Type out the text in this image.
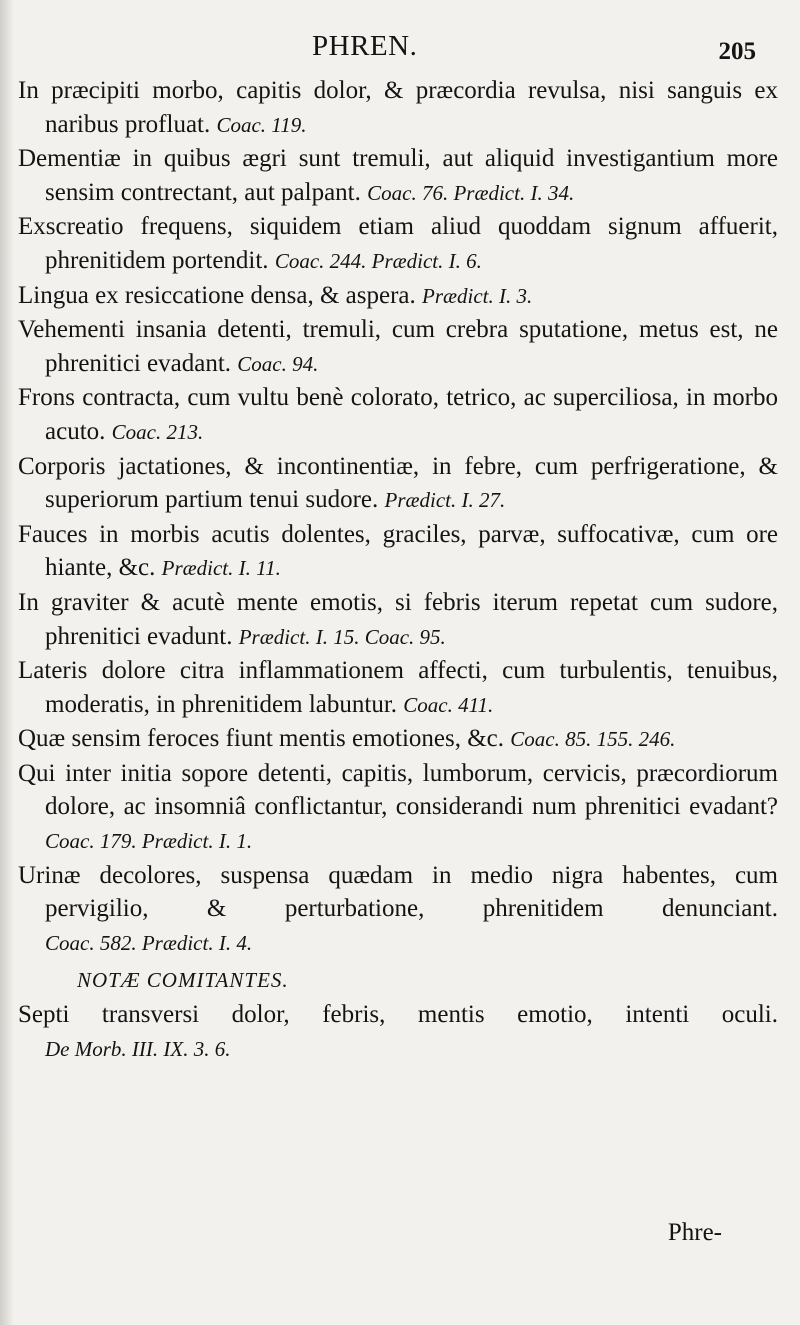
PHREN.	205

In præcipiti morbo, capitis dolor, & præcordia revulsa, nisi sanguis ex naribus profluat. Coac. 119.

Dementiæ in quibus ægri sunt tremuli, aut aliquid investigantium more sensim contrectant, aut palpant. Coac. 76. Prædict. I. 34.

Exscreatio frequens, siquidem etiam aliud quoddam signum affuerit, phrenitidem portendit. Coac. 244. Prædict. I. 6.

Lingua ex resiccatione densa, & aspera. Prædict. I. 3.

Vehementi insania detenti, tremuli, cum crebra sputatione, metus est, ne phrenitici evadant. Coac. 94.

Frons contracta, cum vultu benè colorato, tetrico, ac superciliosa, in morbo acuto. Coac. 213.

Corporis jactationes, & incontinentiæ, in febre, cum perfrigeratione, & superiorum partium tenui sudore. Prædict. I. 27.

Fauces in morbis acutis dolentes, graciles, parvæ, suffocativæ, cum ore hiante, &c. Prædict. I. 11.

In graviter & acutè mente emotis, si febris iterum repetat cum sudore, phrenitici evadunt. Prædict. I. 15. Coac. 95.

Lateris dolore citra inflammationem affecti, cum turbulentis, tenuibus, moderatis, in phrenitidem labuntur. Coac. 411.

Quæ sensim feroces fiunt mentis emotiones, &c. Coac. 85. 155. 246.

Qui inter initia sopore detenti, capitis, lumborum, cervicis, præcordiorum dolore, ac insomniâ conflictantur, considerandi num phrenitici evadant? Coac. 179. Prædict. I. 1.

Urinæ decolores, suspensa quædam in medio nigra habentes, cum pervigilio, & perturbatione, phrenitidem denunciant. Coac. 582. Prædict. I. 4.

NOTÆ COMITANTES.

Septi transversi dolor, febris, mentis emotio, intenti oculi. De Morb. III. IX. 3. 6.

Phre-
